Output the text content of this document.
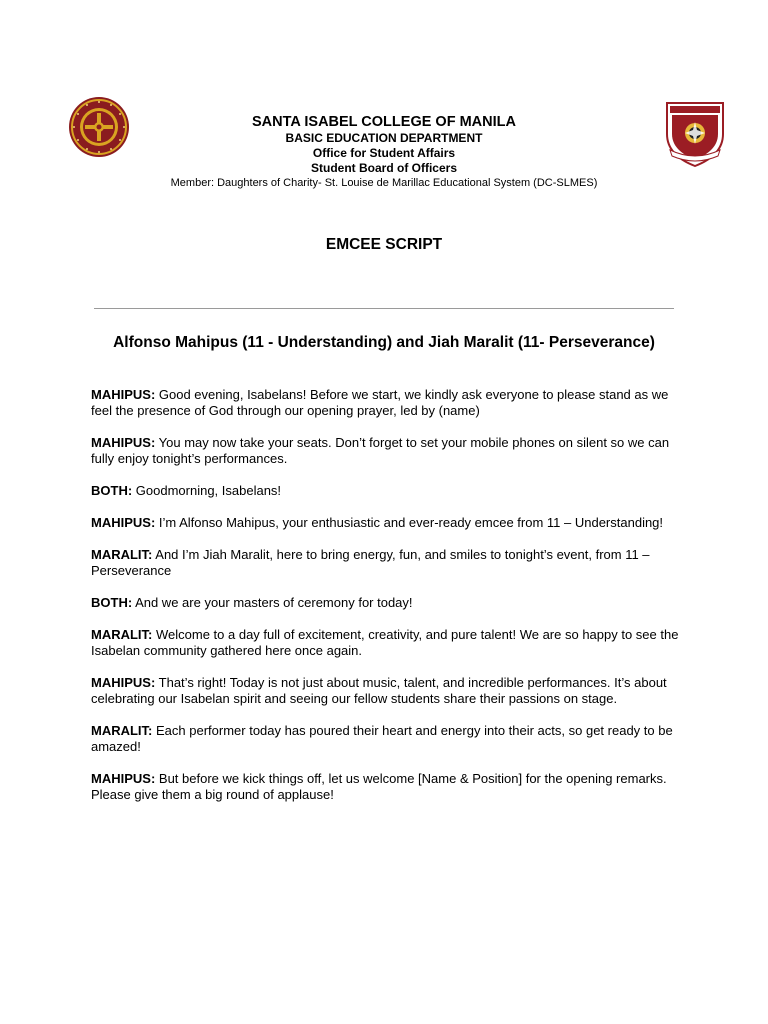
SANTA ISABEL COLLEGE OF MANILA
BASIC EDUCATION DEPARTMENT
Office for Student Affairs
Student Board of Officers
Member: Daughters of Charity- St. Louise de Marillac Educational System (DC-SLMES)
EMCEE SCRIPT
Alfonso Mahipus (11 - Understanding) and Jiah Maralit (11- Perseverance)

MAHIPUS: Good evening, Isabelans! Before we start, we kindly ask everyone to please stand as we feel the presence of God through our opening prayer, led by (name)

MAHIPUS: You may now take your seats. Don’t forget to set your mobile phones on silent so we can fully enjoy tonight’s performances.

BOTH: Goodmorning, Isabelans!

MAHIPUS: I’m Alfonso Mahipus, your enthusiastic and ever-ready emcee from 11 – Understanding!

MARALIT: And I’m Jiah Maralit, here to bring energy, fun, and smiles to tonight’s event, from 11 – Perseverance

BOTH: And we are your masters of ceremony for today!

MARALIT: Welcome to a day full of excitement, creativity, and pure talent! We are so happy to see the Isabelan community gathered here once again.

MAHIPUS: That’s right! Today is not just about music, talent, and incredible performances. It’s about celebrating our Isabelan spirit and seeing our fellow students share their passions on stage.

MARALIT: Each performer today has poured their heart and energy into their acts, so get ready to be amazed!

MAHIPUS: But before we kick things off, let us welcome [Name & Position] for the opening remarks. Please give them a big round of applause!
